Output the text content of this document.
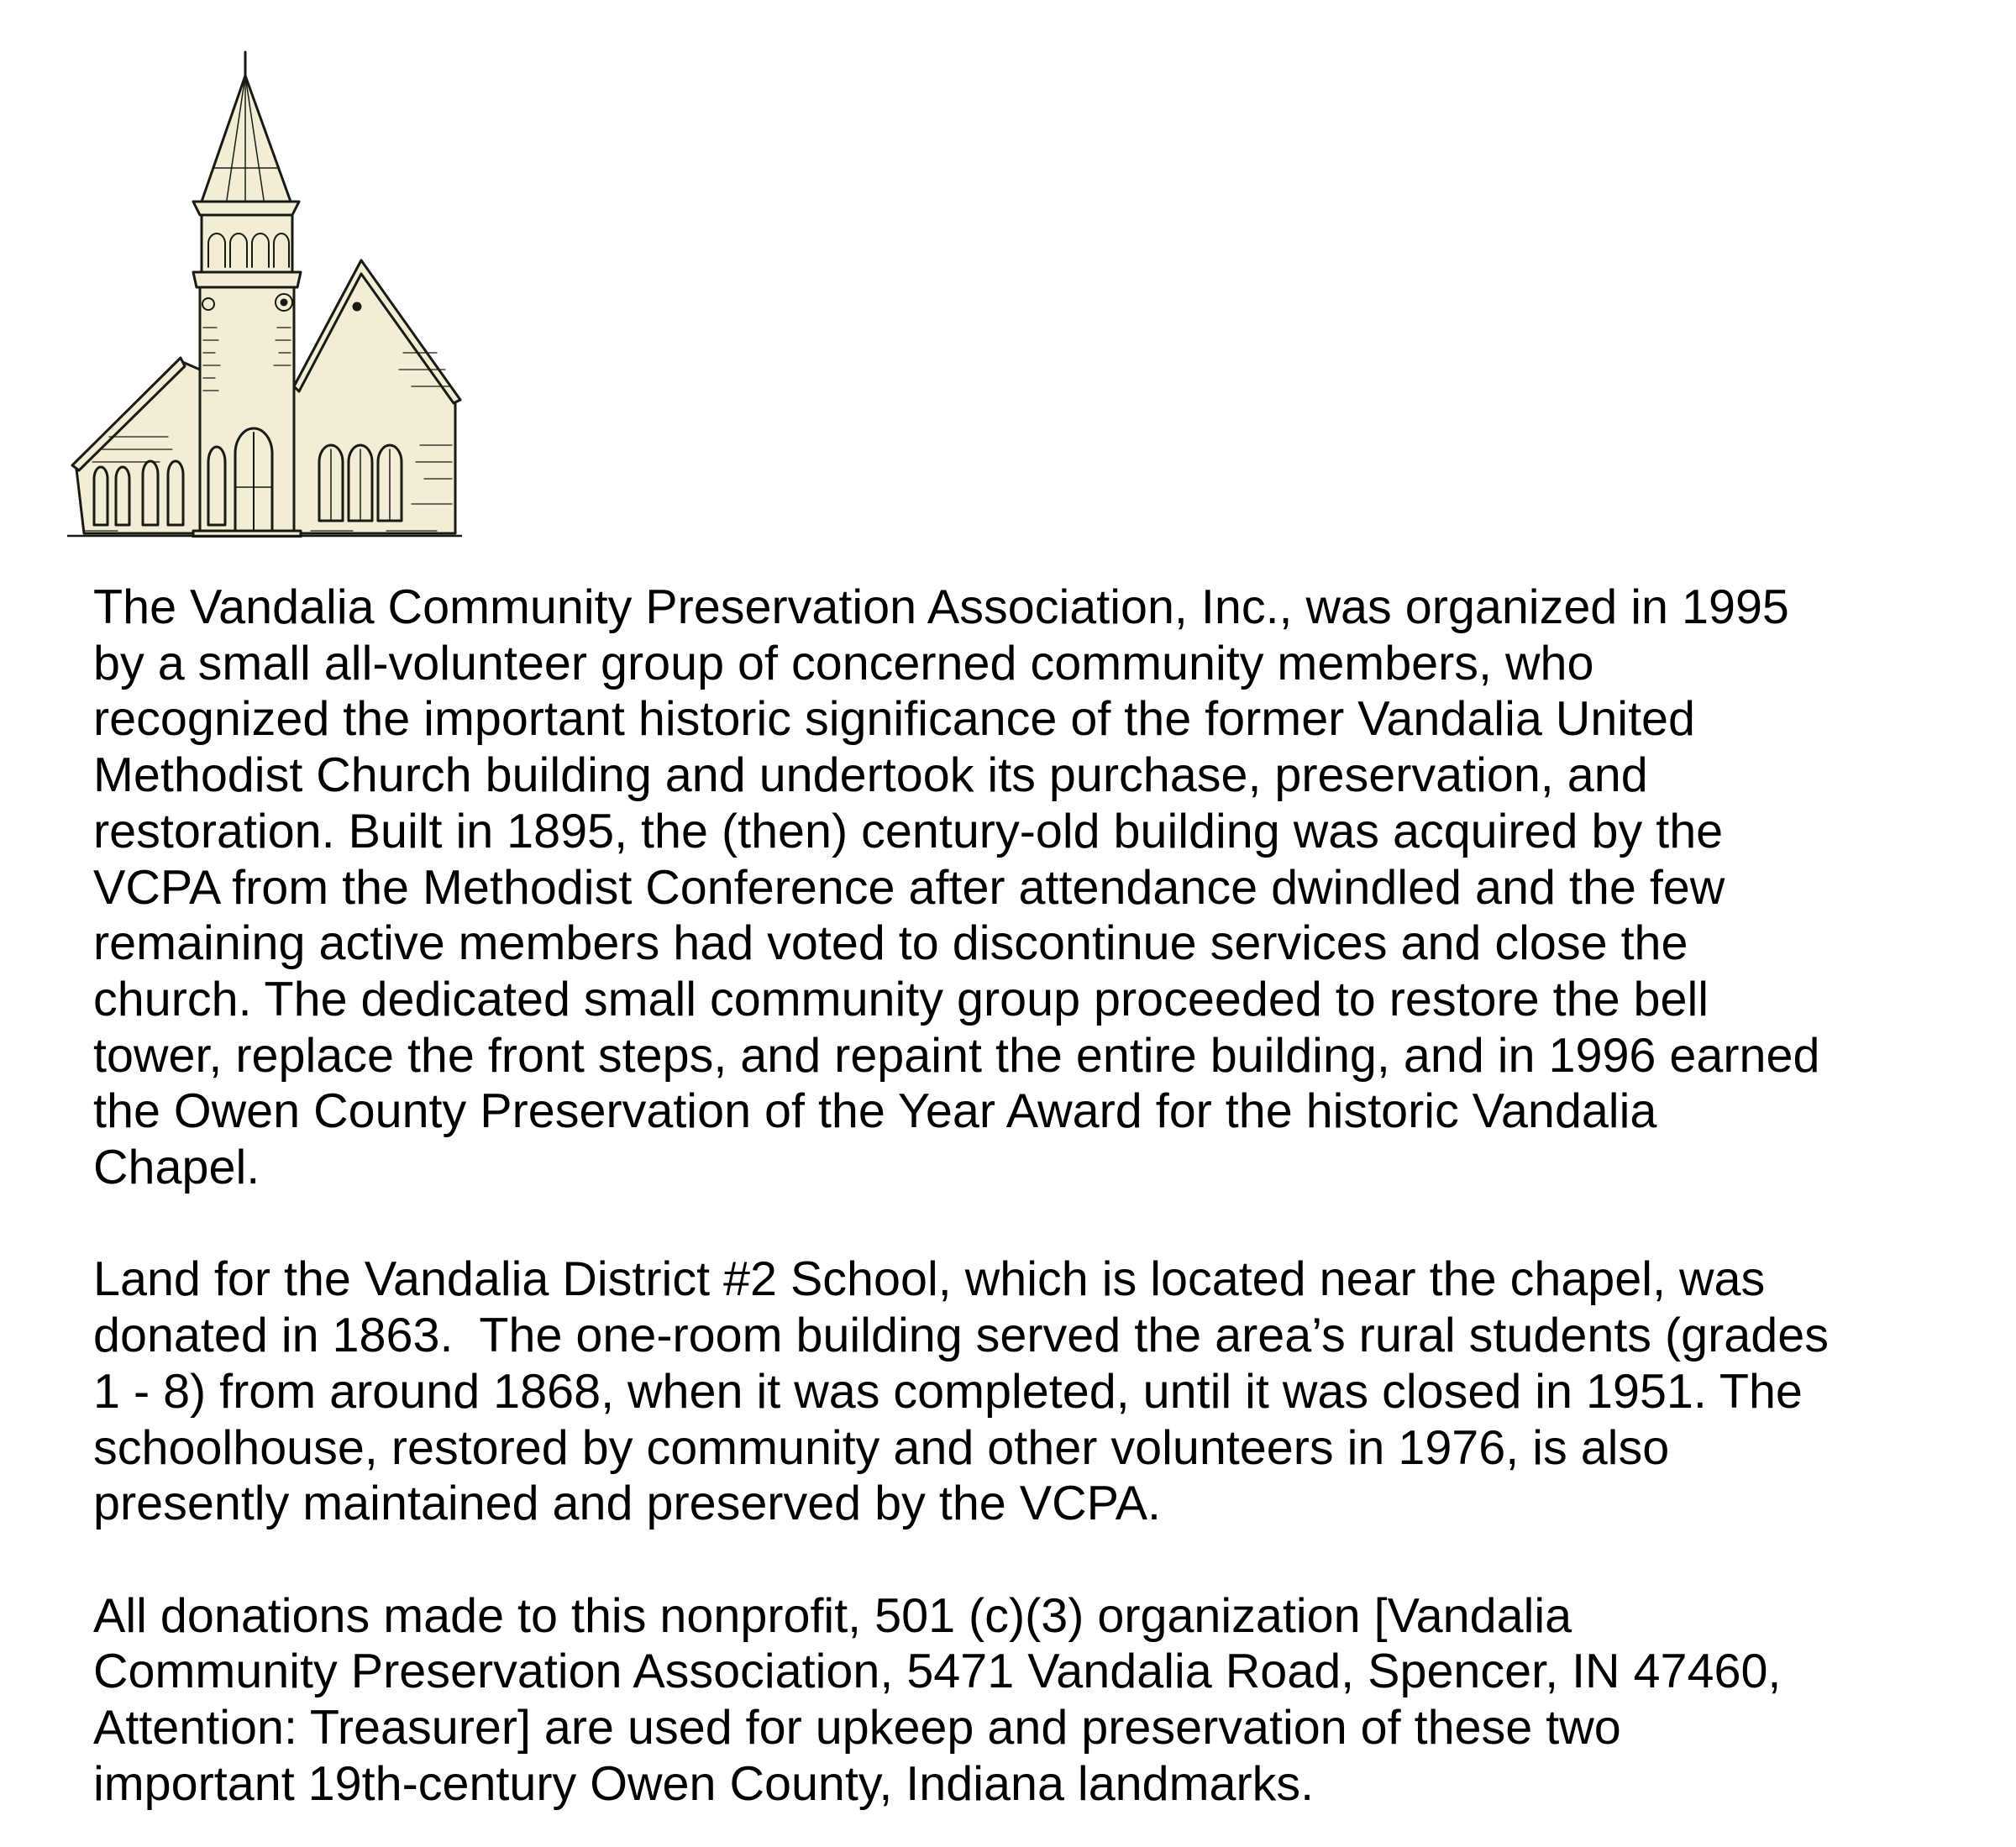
The Vandalia Community Preservation Association, Inc., was organized in 1995
by a small all-volunteer group of concerned community members, who
recognized the important historic significance of the former Vandalia United
Methodist Church building and undertook its purchase, preservation, and
restoration. Built in 1895, the (then) century-old building was acquired by the
VCPA from the Methodist Conference after attendance dwindled and the few
remaining active members had voted to discontinue services and close the
church. The dedicated small community group proceeded to restore the bell
tower, replace the front steps, and repaint the entire building, and in 1996 earned
the Owen County Preservation of the Year Award for the historic Vandalia
Chapel.

Land for the Vandalia District #2 School, which is located near the chapel, was
donated in 1863.  The one-room building served the area’s rural students (grades
1 - 8) from around 1868, when it was completed, until it was closed in 1951. The
schoolhouse, restored by community and other volunteers in 1976, is also
presently maintained and preserved by the VCPA.

All donations made to this nonprofit, 501 (c)(3) organization [Vandalia
Community Preservation Association, 5471 Vandalia Road, Spencer, IN 47460,
Attention: Treasurer] are used for upkeep and preservation of these two
important 19th-century Owen County, Indiana landmarks.
